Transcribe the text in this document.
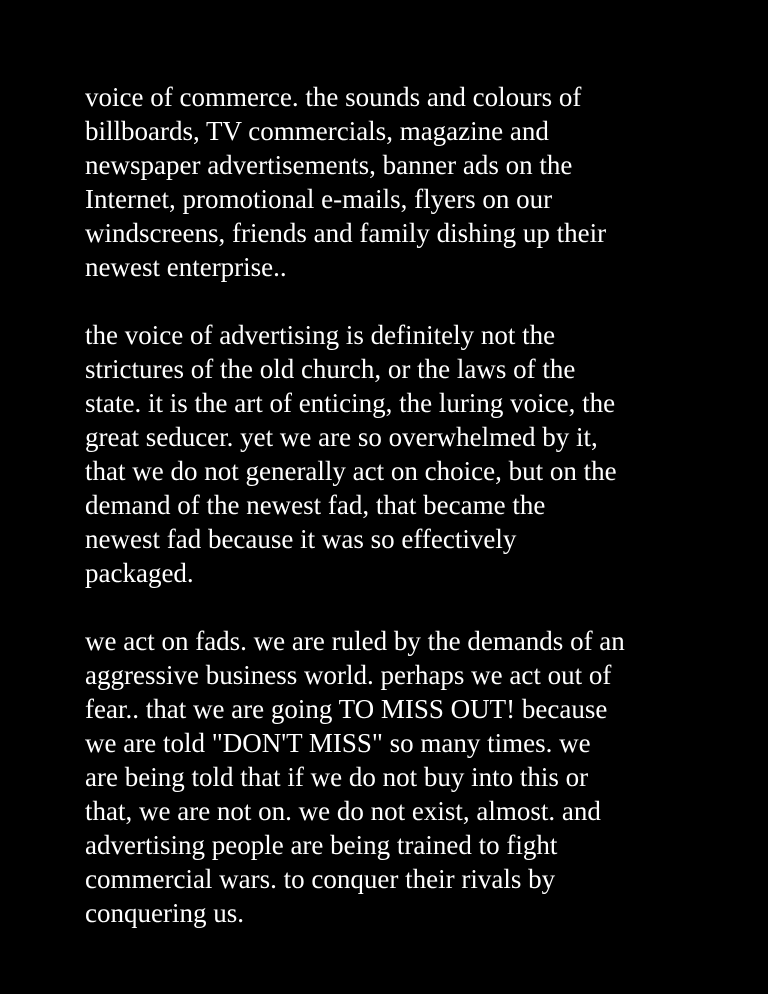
voice of commerce. the sounds and colours of
billboards, TV commercials, magazine and
newspaper advertisements, banner ads on the
Internet, promotional e-mails, flyers on our
windscreens, friends and family dishing up their
newest enterprise..
the voice of advertising is definitely not the
strictures of the old church, or the laws of the
state. it is the art of enticing, the luring voice, the
great seducer. yet we are so overwhelmed by it,
that we do not generally act on choice, but on the
demand of the newest fad, that became the
newest fad because it was so effectively
packaged.
we act on fads. we are ruled by the demands of an
aggressive business world. perhaps we act out of
fear.. that we are going TO MISS OUT! because
we are told "DON'T MISS" so many times. we
are being told that if we do not buy into this or
that, we are not on. we do not exist, almost. and
advertising people are being trained to fight
commercial wars. to conquer their rivals by
conquering us.
